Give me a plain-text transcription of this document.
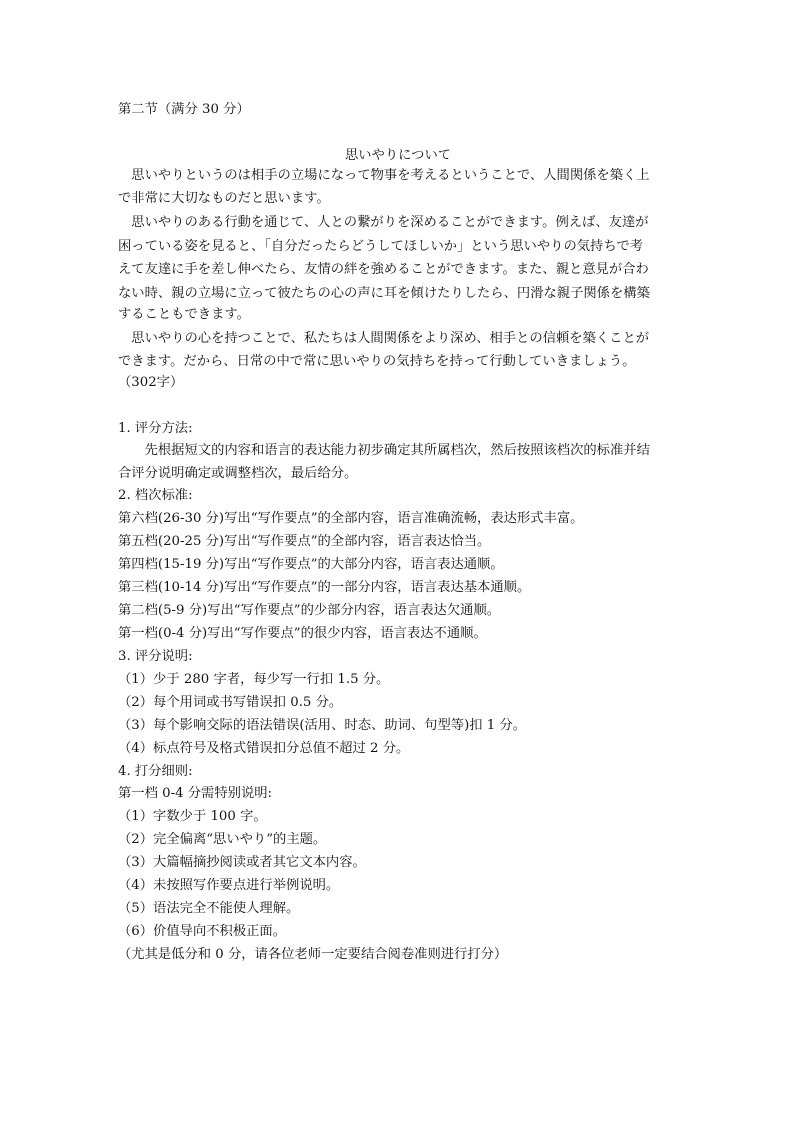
第二节（满分 30 分）
思いやりについて
　思いやりというのは相手の立場になって物事を考えるということで、人間関係を築く上
で非常に大切なものだと思います。
　思いやりのある行動を通じて、人との繋がりを深めることができます。例えば、友達が
困っている姿を見ると、「自分だったらどうしてほしいか」という思いやりの気持ちで考
えて友達に手を差し伸べたら、友情の絆を強めることができます。また、親と意見が合わ
ない時、親の立場に立って彼たちの心の声に耳を傾けたりしたら、円滑な親子関係を構築
することもできます。
　思いやりの心を持つことで、私たちは人間関係をより深め、相手との信頼を築くことが
できます。だから、日常の中で常に思いやりの気持ちを持って行動していきましょう。
（302字）
1. 评分方法:
　　先根据短文的内容和语言的表达能力初步确定其所属档次，然后按照该档次的标准并结
合评分说明确定或调整档次，最后给分。
2. 档次标准:
第六档(26-30 分)写出“写作要点”的全部内容，语言准确流畅，表达形式丰富。
第五档(20-25 分)写出“写作要点”的全部内容，语言表达恰当。
第四档(15-19 分)写出“写作要点”的大部分内容，语言表达通顺。
第三档(10-14 分)写出“写作要点”的一部分内容，语言表达基本通顺。
第二档(5-9 分)写出“写作要点”的少部分内容，语言表达欠通顺。
第一档(0-4 分)写出“写作要点”的很少内容，语言表达不通顺。
3. 评分说明:
（1）少于 280 字者，每少写一行扣 1.5 分。
（2）每个用词或书写错误扣 0.5 分。
（3）每个影响交际的语法错误(活用、时态、助词、句型等)扣 1 分。
（4）标点符号及格式错误扣分总值不超过 2 分。
4. 打分细则:
第一档 0-4 分需特别说明:
（1）字数少于 100 字。
（2）完全偏离“思いやり”的主题。
（3）大篇幅摘抄阅读或者其它文本内容。
（4）未按照写作要点进行举例说明。
（5）语法完全不能使人理解。
（6）价值导向不积极正面。
（尤其是低分和 0 分，请各位老师一定要结合阅卷准则进行打分）
